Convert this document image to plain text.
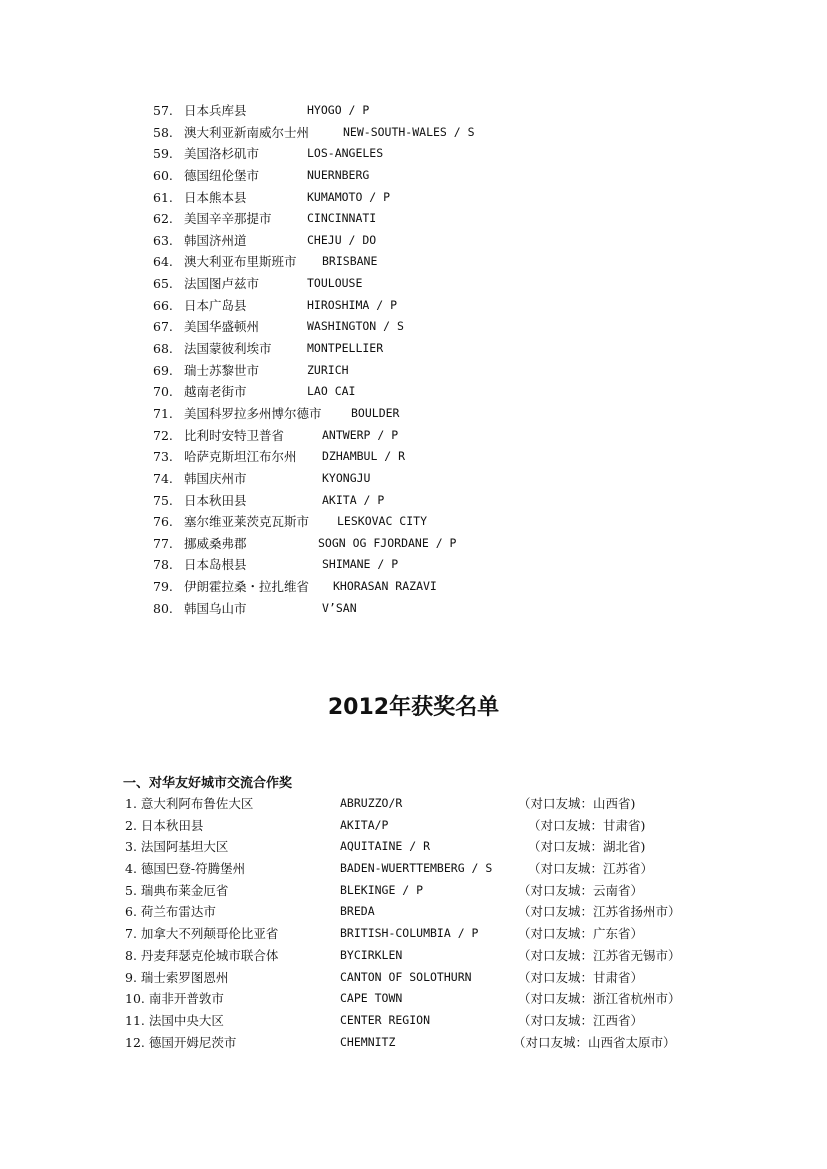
57. 日本兵库县	HYOGO / P
58. 澳大利亚新南威尔士州	NEW-SOUTH-WALES / S
59. 美国洛杉矶市	LOS-ANGELES
60. 德国纽伦堡市	NUERNBERG
61. 日本熊本县	KUMAMOTO / P
62. 美国辛辛那提市	CINCINNATI
63. 韩国济州道	CHEJU / DO
64. 澳大利亚布里斯班市 BRISBANE
65. 法国图卢兹市	TOULOUSE
66. 日本广岛县	HIROSHIMA / P
67. 美国华盛顿州	WASHINGTON / S
68. 法国蒙彼利埃市	MONTPELLIER
69. 瑞士苏黎世市	ZURICH
70. 越南老街市	LAO CAI
71. 美国科罗拉多州博尔德市	BOULDER
72. 比利时安特卫普省	ANTWERP / P
73. 哈萨克斯坦江布尔州 DZHAMBUL / R
74. 韩国庆州市	KYONGJU
75. 日本秋田县	AKITA / P
76. 塞尔维亚莱茨克瓦斯市 LESKOVAC CITY
77. 挪威桑弗郡	SOGN OG FJORDANE / P
78. 日本岛根县	SHIMANE / P
79. 伊朗霍拉桑・拉扎维省 KHORASAN RAZAVI
80. 韩国乌山市	V’SAN
2012年获奖名单
一、对华友好城市交流合作奖
1. 意大利阿布鲁佐大区	ABRUZZO/R	（对口友城：山西省)
2. 日本秋田县	AKITA/P	（对口友城：甘肃省)
3. 法国阿基坦大区	AQUITAINE / R	（对口友城：湖北省)
4. 德国巴登-符腾堡州	BADEN-WUERTTEMBERG / S	（对口友城：江苏省）
5. 瑞典布莱金厄省	BLEKINGE / P	（对口友城：云南省）
6. 荷兰布雷达市	BREDA	（对口友城：江苏省扬州市）
7. 加拿大不列颠哥伦比亚省	BRITISH-COLUMBIA / P	（对口友城：广东省）
8. 丹麦拜瑟克伦城市联合体	BYCIRKLEN	（对口友城：江苏省无锡市）
9. 瑞士索罗图恩州	CANTON OF SOLOTHURN	（对口友城：甘肃省）
10. 南非开普敦市	CAPE TOWN	（对口友城：浙江省杭州市）
11. 法国中央大区	CENTER REGION	（对口友城：江西省）
12. 德国开姆尼茨市	CHEMNITZ	（对口友城：山西省太原市）
